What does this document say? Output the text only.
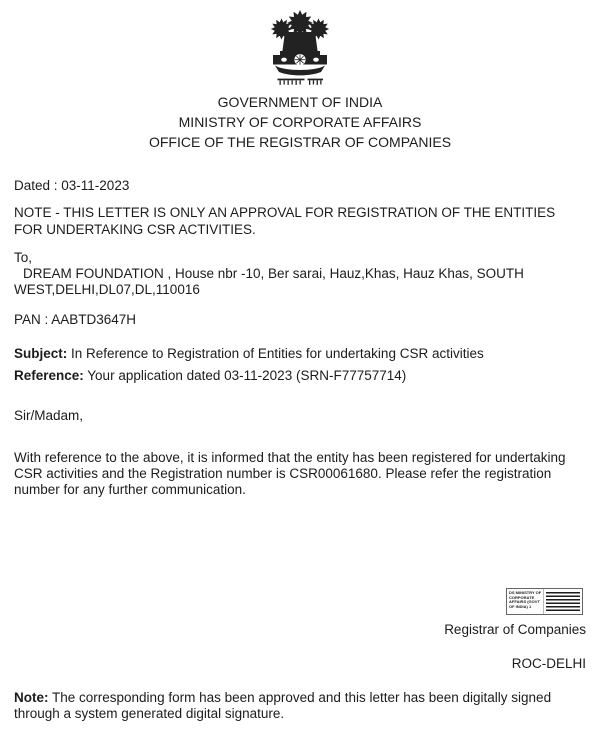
GOVERNMENT OF INDIA
MINISTRY OF CORPORATE AFFAIRS
OFFICE OF THE REGISTRAR OF COMPANIES
Dated : 03-11-2023
NOTE - THIS LETTER IS ONLY AN APPROVAL FOR REGISTRATION OF THE ENTITIES FOR UNDERTAKING CSR ACTIVITIES.
To,
DREAM FOUNDATION , House nbr -10, Ber sarai, Hauz,Khas, Hauz Khas, SOUTH WEST,DELHI,DL07,DL,110016
PAN : AABTD3647H
Subject: In Reference to Registration of Entities for undertaking CSR activities
Reference: Your application dated 03-11-2023 (SRN-F77757714)
Sir/Madam,
With reference to the above, it is informed that the entity has been registered for undertaking CSR activities and the Registration number is CSR00061680. Please refer the registration number for any further communication.
DS MINISTRY OF CORPORATE AFFAIRS (GOVT OF INDIA) 1
Registrar of Companies
ROC-DELHI
Note: The corresponding form has been approved and this letter has been digitally signed through a system generated digital signature.
